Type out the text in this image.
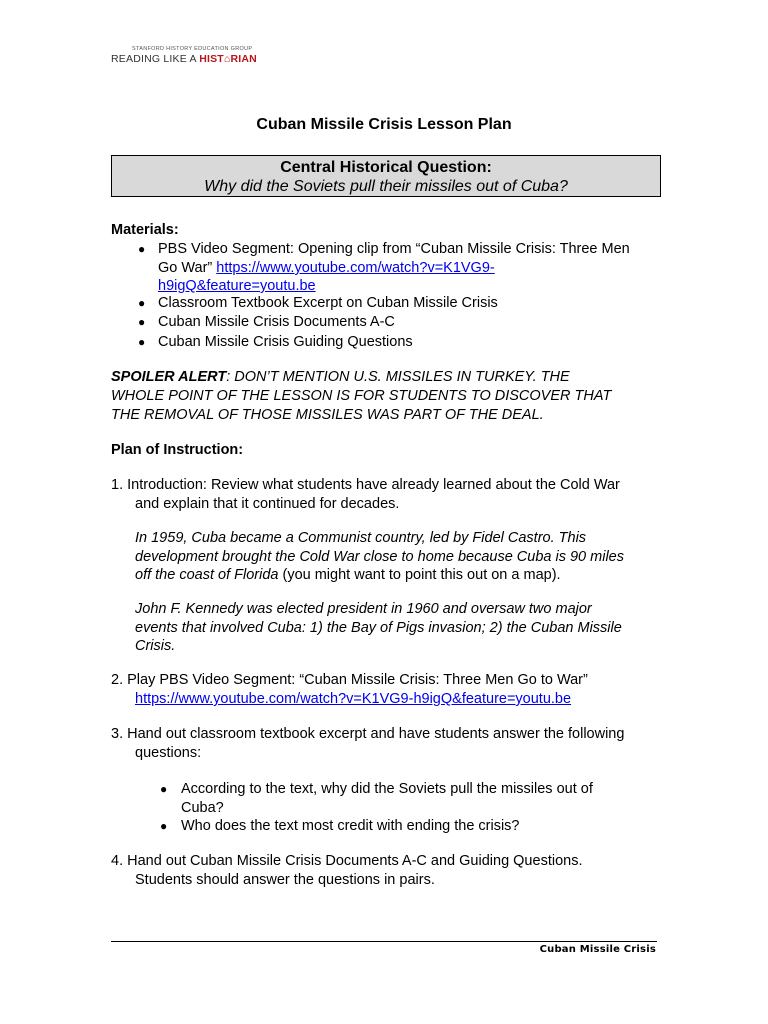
STANFORD HISTORY EDUCATION GROUP
READING LIKE A HIST⌂RIAN
Cuban Missile Crisis Lesson Plan
Central Historical Question:
Why did the Soviets pull their missiles out of Cuba?
Materials:
● PBS Video Segment: Opening clip from “Cuban Missile Crisis: Three Men
Go War” https://www.youtube.com/watch?v=K1VG9-
h9igQ&feature=youtu.be
● Classroom Textbook Excerpt on Cuban Missile Crisis
● Cuban Missile Crisis Documents A-C
● Cuban Missile Crisis Guiding Questions
SPOILER ALERT: DON’T MENTION U.S. MISSILES IN TURKEY. THE
WHOLE POINT OF THE LESSON IS FOR STUDENTS TO DISCOVER THAT
THE REMOVAL OF THOSE MISSILES WAS PART OF THE DEAL.
Plan of Instruction:
1. Introduction: Review what students have already learned about the Cold War
and explain that it continued for decades.
In 1959, Cuba became a Communist country, led by Fidel Castro. This
development brought the Cold War close to home because Cuba is 90 miles
off the coast of Florida (you might want to point this out on a map).
John F. Kennedy was elected president in 1960 and oversaw two major
events that involved Cuba: 1) the Bay of Pigs invasion; 2) the Cuban Missile
Crisis.
2. Play PBS Video Segment: “Cuban Missile Crisis: Three Men Go to War”
https://www.youtube.com/watch?v=K1VG9-h9igQ&feature=youtu.be
3. Hand out classroom textbook excerpt and have students answer the following
questions:
● According to the text, why did the Soviets pull the missiles out of
Cuba?
● Who does the text most credit with ending the crisis?
4. Hand out Cuban Missile Crisis Documents A-C and Guiding Questions.
Students should answer the questions in pairs.
Cuban Missile Crisis
